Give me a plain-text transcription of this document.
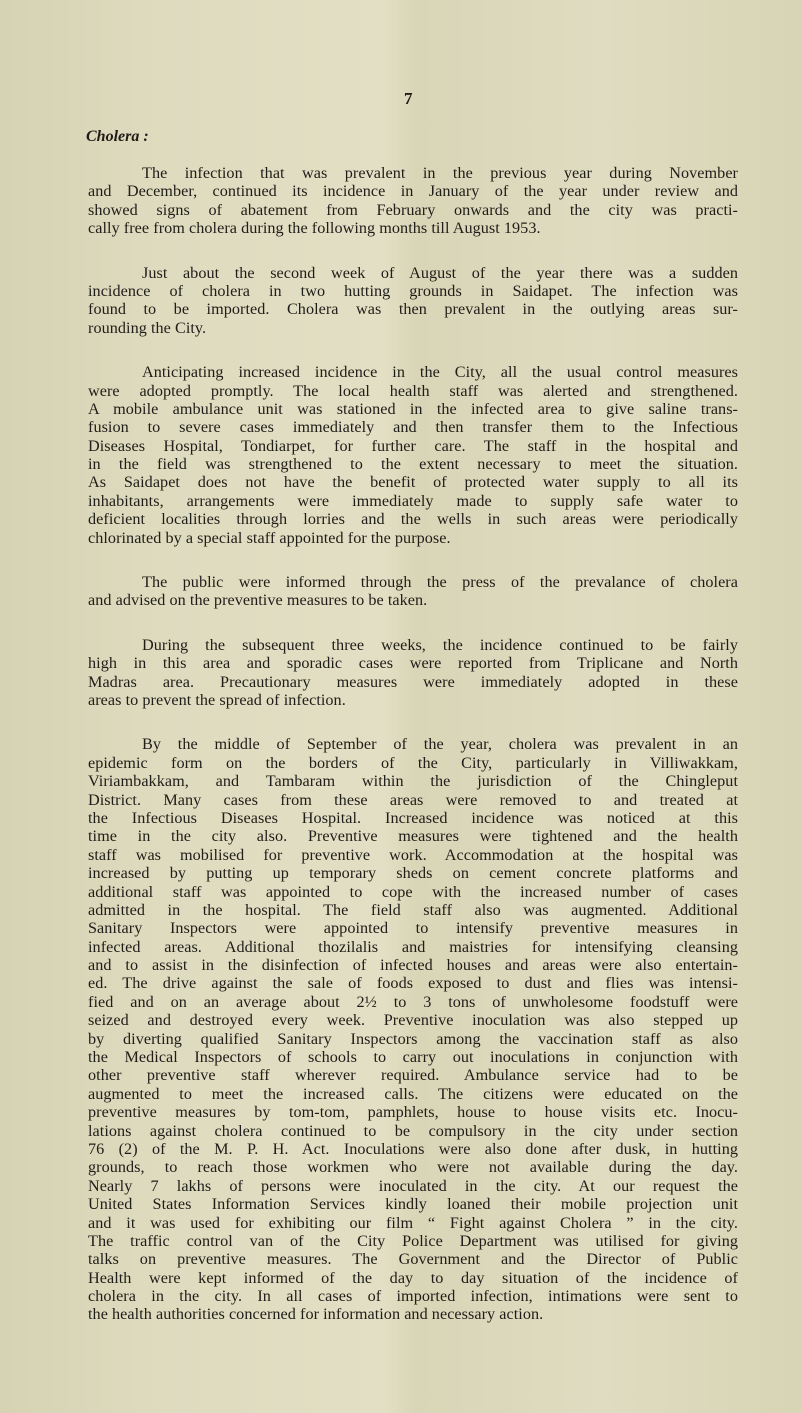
7
Cholera :
The infection that was prevalent in the previous year during November
and December, continued its incidence in January of the year under review and
showed signs of abatement from February onwards and the city was practi-
cally free from cholera during the following months till August 1953.
Just about the second week of August of the year there was a sudden
incidence of cholera in two hutting grounds in Saidapet. The infection was
found to be imported. Cholera was then prevalent in the outlying areas sur-
rounding the City.
Anticipating increased incidence in the City, all the usual control measures
were adopted promptly. The local health staff was alerted and strengthened.
A mobile ambulance unit was stationed in the infected area to give saline trans-
fusion to severe cases immediately and then transfer them to the Infectious
Diseases Hospital, Tondiarpet, for further care. The staff in the hospital and
in the field was strengthened to the extent necessary to meet the situation.
As Saidapet does not have the benefit of protected water supply to all its
inhabitants, arrangements were immediately made to supply safe water to
deficient localities through lorries and the wells in such areas were periodically
chlorinated by a special staff appointed for the purpose.
The public were informed through the press of the prevalance of cholera
and advised on the preventive measures to be taken.
During the subsequent three weeks, the incidence continued to be fairly
high in this area and sporadic cases were reported from Triplicane and North
Madras area. Precautionary measures were immediately adopted in these
areas to prevent the spread of infection.
By the middle of September of the year, cholera was prevalent in an
epidemic form on the borders of the City, particularly in Villiwakkam,
Viriambakkam, and Tambaram within the jurisdiction of the Chingleput
District. Many cases from these areas were removed to and treated at
the Infectious Diseases Hospital. Increased incidence was noticed at this
time in the city also. Preventive measures were tightened and the health
staff was mobilised for preventive work. Accommodation at the hospital was
increased by putting up temporary sheds on cement concrete platforms and
additional staff was appointed to cope with the increased number of cases
admitted in the hospital. The field staff also was augmented. Additional
Sanitary Inspectors were appointed to intensify preventive measures in
infected areas. Additional thozilalis and maistries for intensifying cleansing
and to assist in the disinfection of infected houses and areas were also entertain-
ed. The drive against the sale of foods exposed to dust and flies was intensi-
fied and on an average about 2½ to 3 tons of unwholesome foodstuff were
seized and destroyed every week. Preventive inoculation was also stepped up
by diverting qualified Sanitary Inspectors among the vaccination staff as also
the Medical Inspectors of schools to carry out inoculations in conjunction with
other preventive staff wherever required. Ambulance service had to be
augmented to meet the increased calls. The citizens were educated on the
preventive measures by tom-tom, pamphlets, house to house visits etc. Inocu-
lations against cholera continued to be compulsory in the city under section
76 (2) of the M. P. H. Act. Inoculations were also done after dusk, in hutting
grounds, to reach those workmen who were not available during the day.
Nearly 7 lakhs of persons were inoculated in the city. At our request the
United States Information Services kindly loaned their mobile projection unit
and it was used for exhibiting our film “ Fight against Cholera ” in the city.
The traffic control van of the City Police Department was utilised for giving
talks on preventive measures. The Government and the Director of Public
Health were kept informed of the day to day situation of the incidence of
cholera in the city. In all cases of imported infection, intimations were sent to
the health authorities concerned for information and necessary action.
